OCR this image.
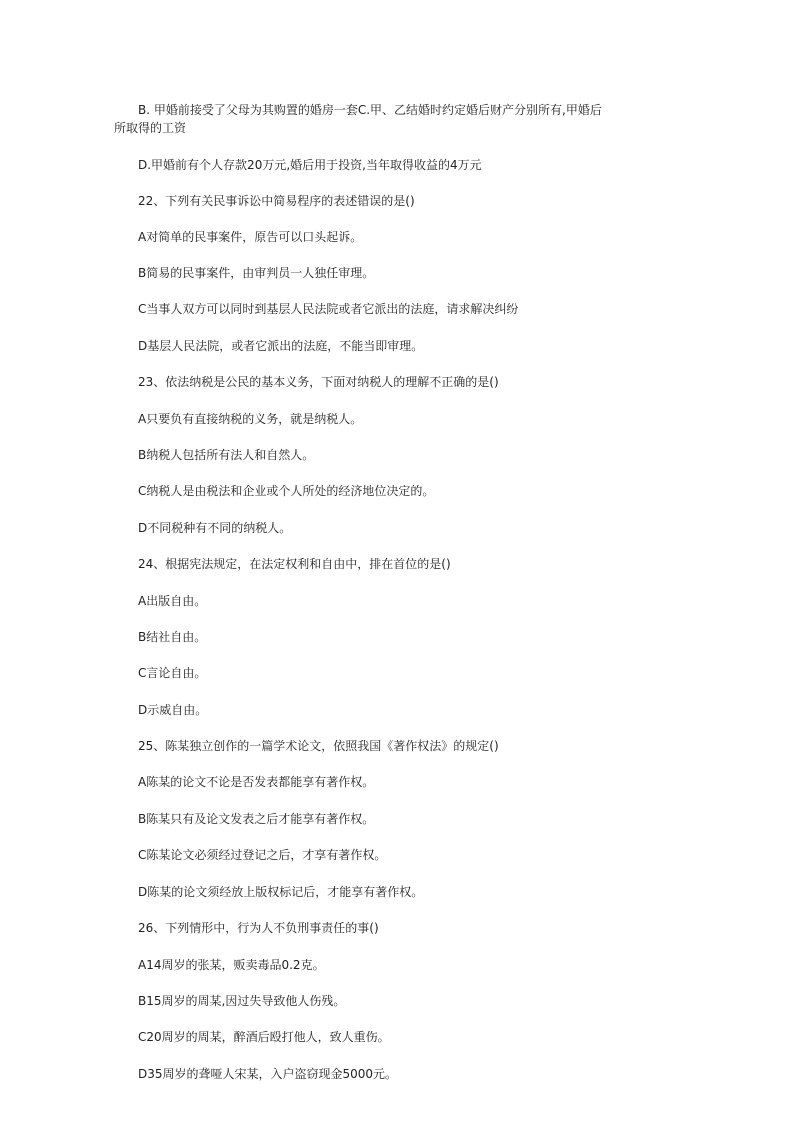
B. 甲婚前接受了父母为其购置的婚房一套C.甲、乙结婚时约定婚后财产分别所有,甲婚后
所取得的工资
D.甲婚前有个人存款20万元,婚后用于投资,当年取得收益的4万元
22、下列有关民事诉讼中简易程序的表述错误的是()
A对简单的民事案件，原告可以口头起诉。
B简易的民事案件，由审判员一人独任审理。
C当事人双方可以同时到基层人民法院或者它派出的法庭，请求解决纠纷
D基层人民法院，或者它派出的法庭，不能当即审理。
23、依法纳税是公民的基本义务，下面对纳税人的理解不正确的是()
A只要负有直接纳税的义务，就是纳税人。
B纳税人包括所有法人和自然人。
C纳税人是由税法和企业或个人所处的经济地位决定的。
D不同税种有不同的纳税人。
24、根据宪法规定，在法定权利和自由中，排在首位的是()
A出版自由。
B结社自由。
C言论自由。
D示威自由。
25、陈某独立创作的一篇学术论文，依照我国《著作权法》的规定()
A陈某的论文不论是否发表都能享有著作权。
B陈某只有及论文发表之后才能享有著作权。
C陈某论文必须经过登记之后，才享有著作权。
D陈某的论文须经放上版权标记后，才能享有著作权。
26、下列情形中，行为人不负刑事责任的事()
A14周岁的张某，贩卖毒品0.2克。
B15周岁的周某,因过失导致他人伤残。
C20周岁的周某，醉酒后殴打他人，致人重伤。
D35周岁的聋哑人宋某，入户盗窃现金5000元。
